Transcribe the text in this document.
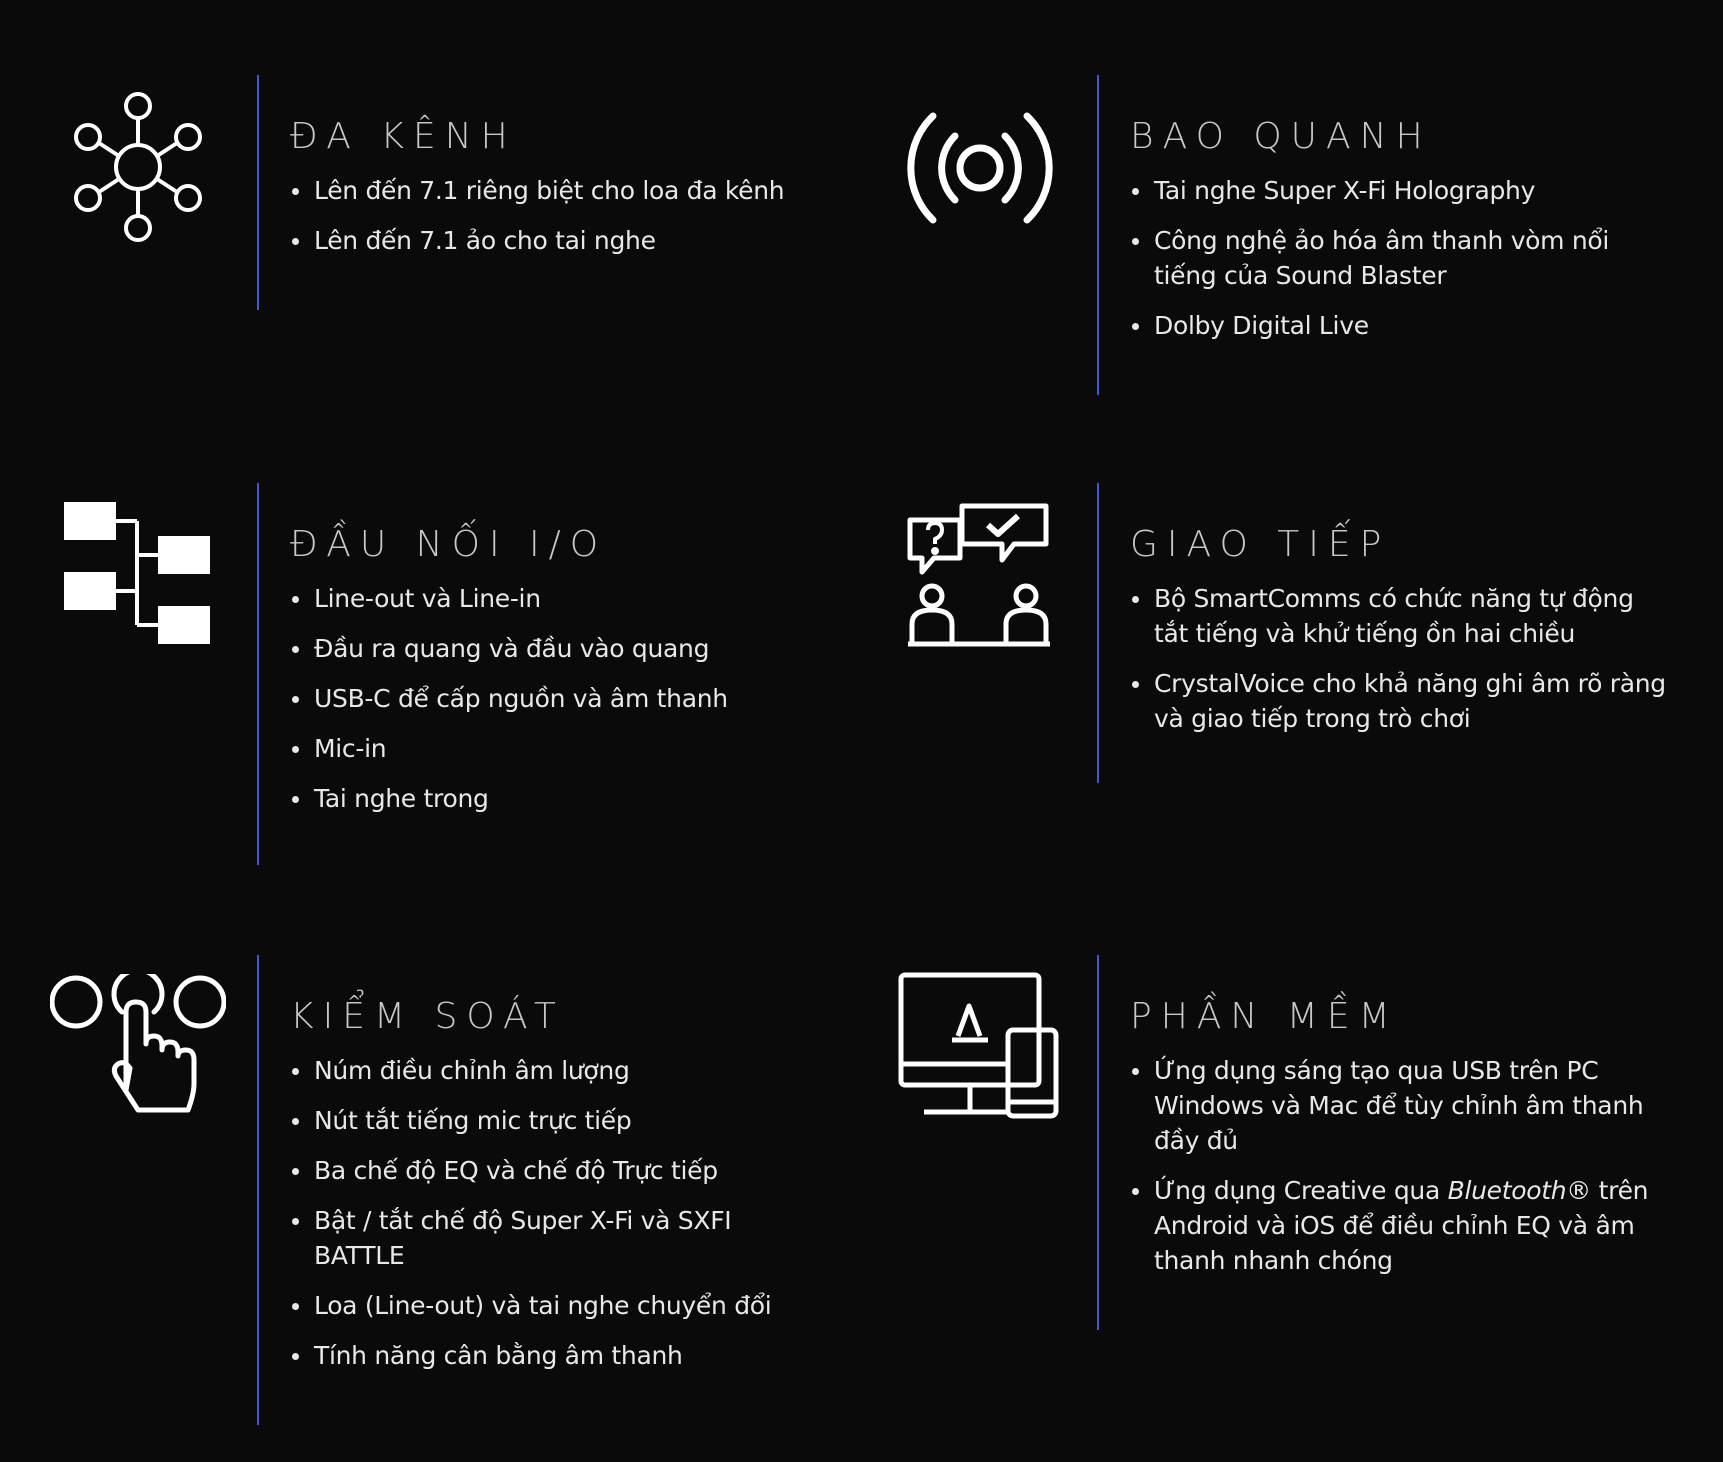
ĐA KÊNH
Lên đến 7.1 riêng biệt cho loa đa kênh
Lên đến 7.1 ảo cho tai nghe
BAO QUANH
Tai nghe Super X-Fi Holography
Công nghệ ảo hóa âm thanh vòm nổi tiếng của Sound Blaster
Dolby Digital Live
ĐẦU NỐI I/O
Line-out và Line-in
Đầu ra quang và đầu vào quang
USB-C để cấp nguồn và âm thanh
Mic-in
Tai nghe trong
GIAO TIẾP
Bộ SmartComms có chức năng tự động tắt tiếng và khử tiếng ồn hai chiều
CrystalVoice cho khả năng ghi âm rõ ràng và giao tiếp trong trò chơi
KIỂM SOÁT
Núm điều chỉnh âm lượng
Nút tắt tiếng mic trực tiếp
Ba chế độ EQ và chế độ Trực tiếp
Bật / tắt chế độ Super X-Fi và SXFI BATTLE
Loa (Line-out) và tai nghe chuyển đổi
Tính năng cân bằng âm thanh
PHẦN MỀM
Ứng dụng sáng tạo qua USB trên PC Windows và Mac để tùy chỉnh âm thanh đầy đủ
Ứng dụng Creative qua Bluetooth® trên Android và iOS để điều chỉnh EQ và âm thanh nhanh chóng
